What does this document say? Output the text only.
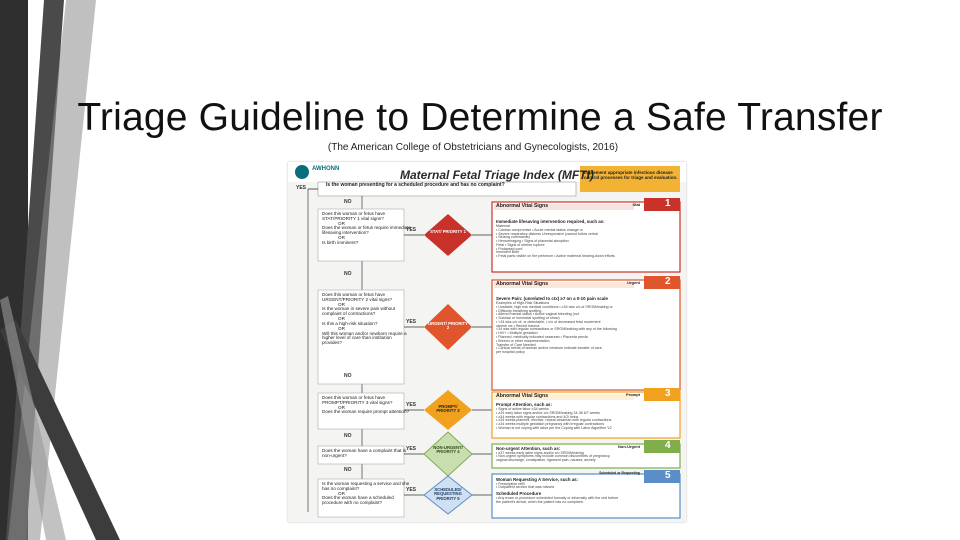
Triage Guideline to Determine a Safe Transfer
(The American College of Obstetricians and Gynecologists, 2016)
AWHONN	Maternal Fetal Triage Index (MFTI)
Implement appropriate infectious disease control processes for triage and evaluation.
Is the woman presenting for a scheduled procedure and has no complaint?
YES
NO
NO
NO
NO
NO
YES
YES
YES
YES
YES
Does this woman or fetus have STAT/PRIORITY 1 vital signs?
OR
Does the woman or fetus require immediate lifesaving intervention?
OR
Is birth imminent?
Does this woman or fetus have URGENT/PRIORITY 2 vital signs?
OR
Is the woman in severe pain without complaint of contractions?
OR
Is this a high-risk situation?
OR
Will this woman and/or newborn require a higher level of care than institution provides?
Does this woman or fetus have PROMPT/PRIORITY 3 vital signs?
OR
Does the woman require prompt attention?
Does the woman have a complaint that is non-urgent?
Is the woman requesting a service and she has no complaint?
OR
Does the woman have a scheduled procedure with no complaint?
STAT/ PRIORITY 1
URGENT/ PRIORITY 2
PROMPT/ PRIORITY 3
NON-URGENT/ PRIORITY 4
SCHEDULED/ REQUESTING PRIORITY 5
Stat	1
Urgent	2
Prompt	3
Non-Urgent	4
Scheduled or Requesting	5
Abnormal Vital Signs
Immediate lifesaving intervention required, such as:
Maternal
• Cardiac compromise • Acute mental status change or
• Severe respiratory distress Unresponsive (cannot follow verbal
• Seizing commands)
• Hemorrhaging • Signs of placental abruption
Fetal • Signs of uterine rupture
• Prolapsed cord
Imminent Birth
• Fetal parts visible on the perineum • Active maternal bearing-down efforts
Abnormal Vital Signs
Severe Pain: (unrelated to ctx) ≥7 on a 0-10 pain scale
Examples of High-Risk Situations
• Unstable, high risk medical conditions • ≥34 wks c/c of SROM/leaking or
• Difficulty breathing spotting
• Altered mental status • Active vaginal bleeding (not
• Suicidal or homicidal spotting or show)
• <34 wks c/o of, or detectable, • c/o of decreased fetal movement
uterine ctx • Recent trauma
<34 wks with regular contractions or SROM/leaking with any of the following
• HIV+ • Multiple gestation
• Planned, medically indicated cesarean • Placenta previa
• Breech or other malpresentation
Transfer of Care Needed
• Clinical needs of woman and/or newborn indicate transfer of care,
per hospital policy
Abnormal Vital Signs
Prompt Attention, such as:
• Signs of active labor ≥34 weeks
• ≥34 early labor signs and/or c/o SROM/leaking 34-36 6/7 weeks
• ≥34 weeks with regular contractions and 4G/ twins
• ≥34 weeks planned, elective, repeat cesarean with regular contractions
• ≥34 weeks multiple gestation pregnancy with irregular contractions
• Woman is not coping with labor per the Coping with Labor Algorithm V2
Non-urgent Attention, such as:
• ≥37 weeks early labor signs and/or c/o SROM/leaking
• Non-urgent symptoms may include common discomforts of pregnancy,
vaginal discharge, constipation, ligament pain, nausea, anxiety
Woman Requesting A Service, such as:
• Prescription refill
• Outpatient service that was missed
Scheduled Procedure
• Any exam or procedure scheduled formally or informally with the unit before
the patient's arrival, when the patient has no complaint.
